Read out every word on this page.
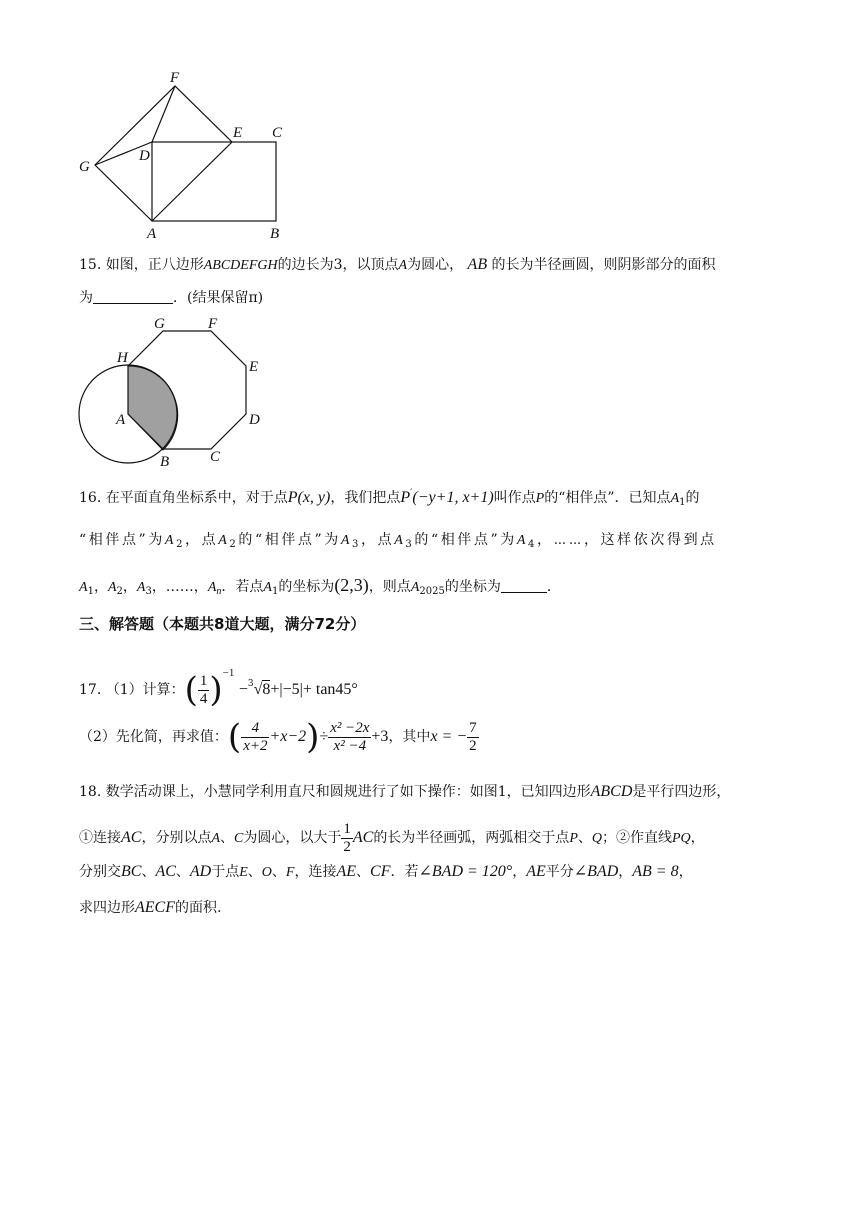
F
G
D
E C
A	B
15. 如图，正八边形ABCDEFGH的边长为3，以顶点A为圆心， AB 的长为半径画圆，则阴影部分的面积
为	．(结果保留π)
G	F
H
E
A	D
B	C
16. 在平面直角坐标系中，对于点P(x, y)，我们把点P′(−y+1, x+1)叫作点P的“相伴点”．已知点$A_1$的
“相伴点”为$A_2$，点$A_2$的“相伴点”为$A_3$，点$A_3$的“相伴点”为$A_4$，⋯⋯，这样依次得到点
$A_1$，$A_2$，$A_3$，……，$A_n$．若点$A_1$的坐标为(2,3)，则点$A_{2025}$的坐标为	．
三、解答题（本题共8道大题，满分72分）
17. （1）计算：( $\frac{1}{4} )^{-1} -^3√8+|-5|+ \tan 45^\circ$
（2）先化简，再求值：( $\frac{4}{x+2} +x-2)\div \frac{\text{x² −2x}}{\text{x² −4}} +3$，其中x = − $\frac{7}{2}$
18. 数学活动课上，小慧同学利用直尺和圆规进行了如下操作：如图1，已知四边形ABCD是平行四边形，
①连接AC，分别以点A、C为圆心，以大于 $\frac{1}{2}$ AC的长为半径画弧，两弧相交于点P、Q；②作直线PQ，
分别交BC、AC、AD于点E、O、F，连接AE、CF．若∠BAD = 120°，AE平分∠BAD，AB = 8，
求四边形AECF的面积.
